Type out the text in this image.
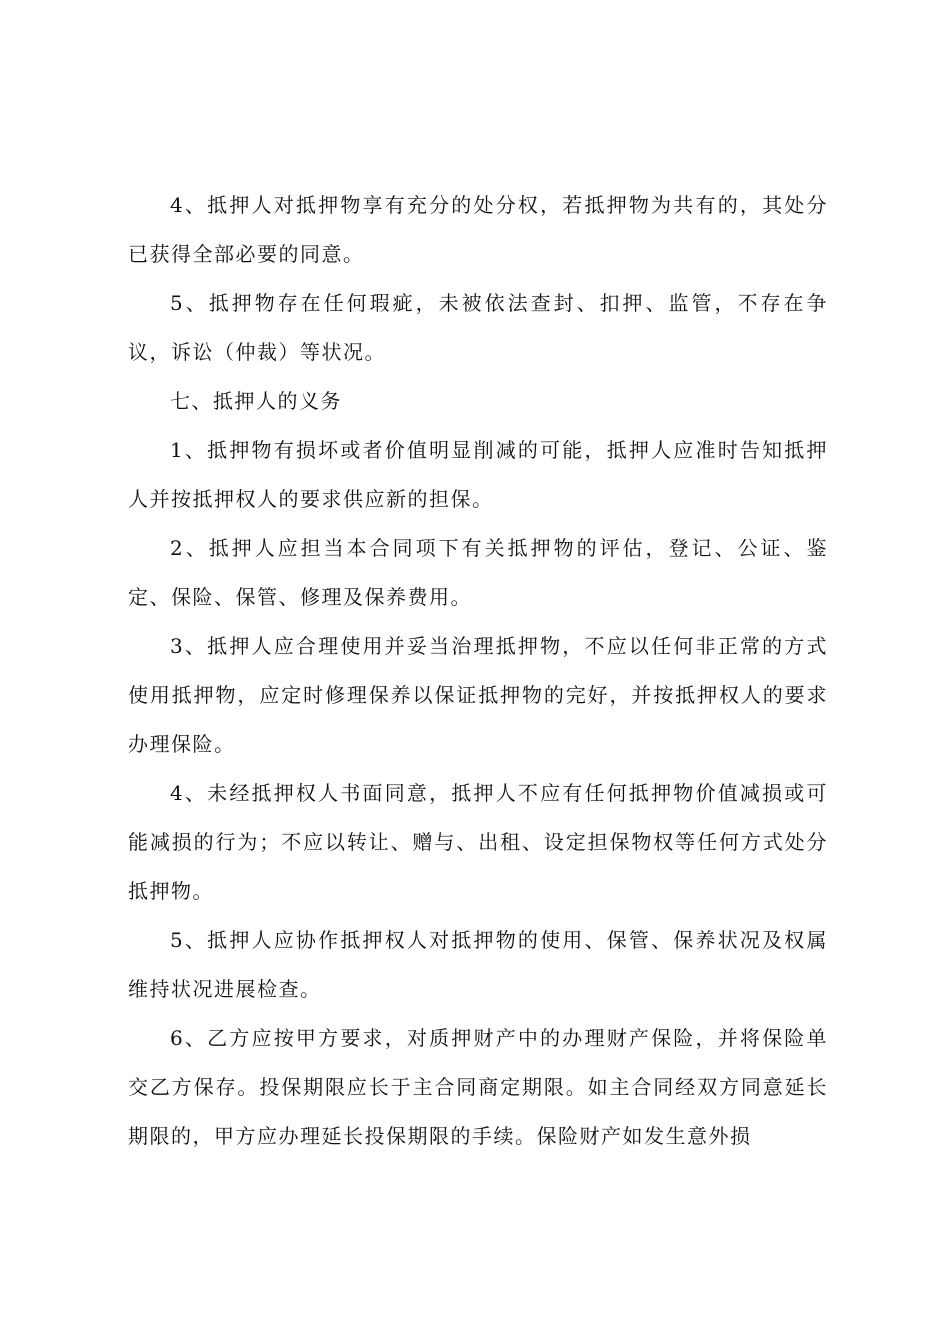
4、抵押人对抵押物享有充分的处分权，若抵押物为共有的，其处分已获得全部必要的同意。

5、抵押物存在任何瑕疵，未被依法查封、扣押、监管，不存在争议，诉讼（仲裁）等状况。

七、抵押人的义务

1、抵押物有损坏或者价值明显削减的可能，抵押人应准时告知抵押人并按抵押权人的要求供应新的担保。

2、抵押人应担当本合同项下有关抵押物的评估，登记、公证、鉴定、保险、保管、修理及保养费用。

3、抵押人应合理使用并妥当治理抵押物，不应以任何非正常的方式使用抵押物，应定时修理保养以保证抵押物的完好，并按抵押权人的要求办理保险。

4、未经抵押权人书面同意，抵押人不应有任何抵押物价值减损或可能减损的行为；不应以转让、赠与、出租、设定担保物权等任何方式处分抵押物。

5、抵押人应协作抵押权人对抵押物的使用、保管、保养状况及权属维持状况进展检查。

6、乙方应按甲方要求，对质押财产中的办理财产保险，并将保险单交乙方保存。投保期限应长于主合同商定期限。如主合同经双方同意延长期限的，甲方应办理延长投保期限的手续。保险财产如发生意外损
